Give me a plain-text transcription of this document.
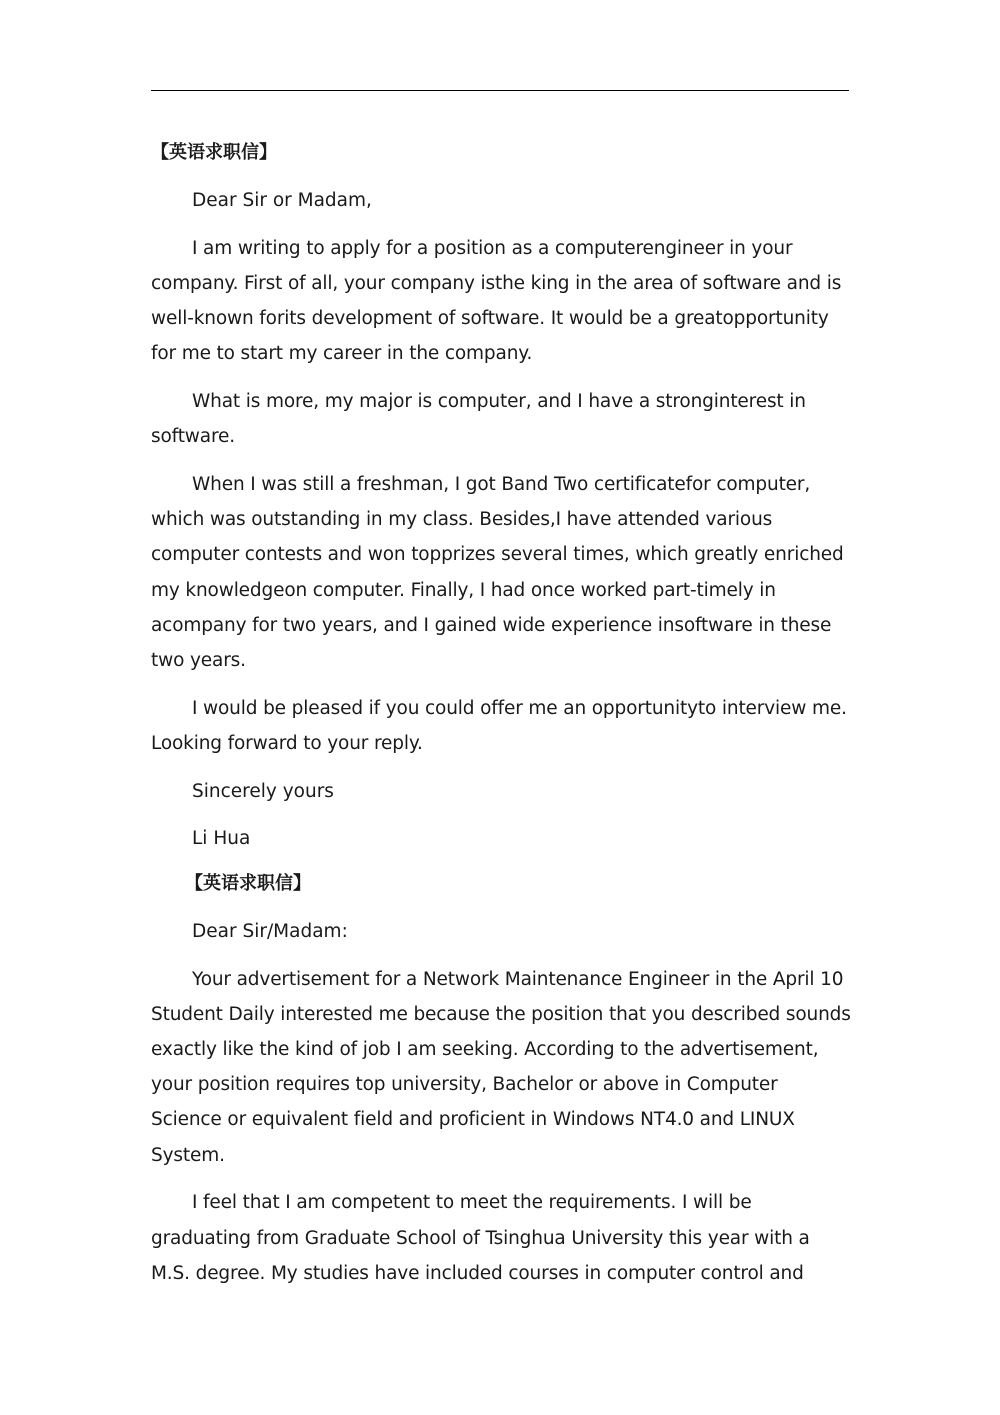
【英语求职信】

Dear Sir or Madam,

I am writing to apply for a position as a computerengineer in your company. First of all, your company isthe king in the area of software and is well-known forits development of software. It would be a greatopportunity for me to start my career in the company.

What is more, my major is computer, and I have a stronginterest in software.

When I was still a freshman, I got Band Two certificatefor computer, which was outstanding in my class. Besides,I have attended various computer contests and won topprizes several times, which greatly enriched my knowledgeon computer. Finally, I had once worked part-timely in acompany for two years, and I gained wide experience insoftware in these two years.

I would be pleased if you could offer me an opportunityto interview me. Looking forward to your reply.

Sincerely yours

Li Hua

【英语求职信】

Dear Sir/Madam:

Your advertisement for a Network Maintenance Engineer in the April 10 Student Daily interested me because the position that you described sounds exactly like the kind of job I am seeking. According to the advertisement, your position requires top university, Bachelor or above in Computer Science or equivalent field and proficient in Windows NT4.0 and LINUX System.

I feel that I am competent to meet the requirements. I will be graduating from Graduate School of Tsinghua University this year with a M.S. degree. My studies have included courses in computer control and
